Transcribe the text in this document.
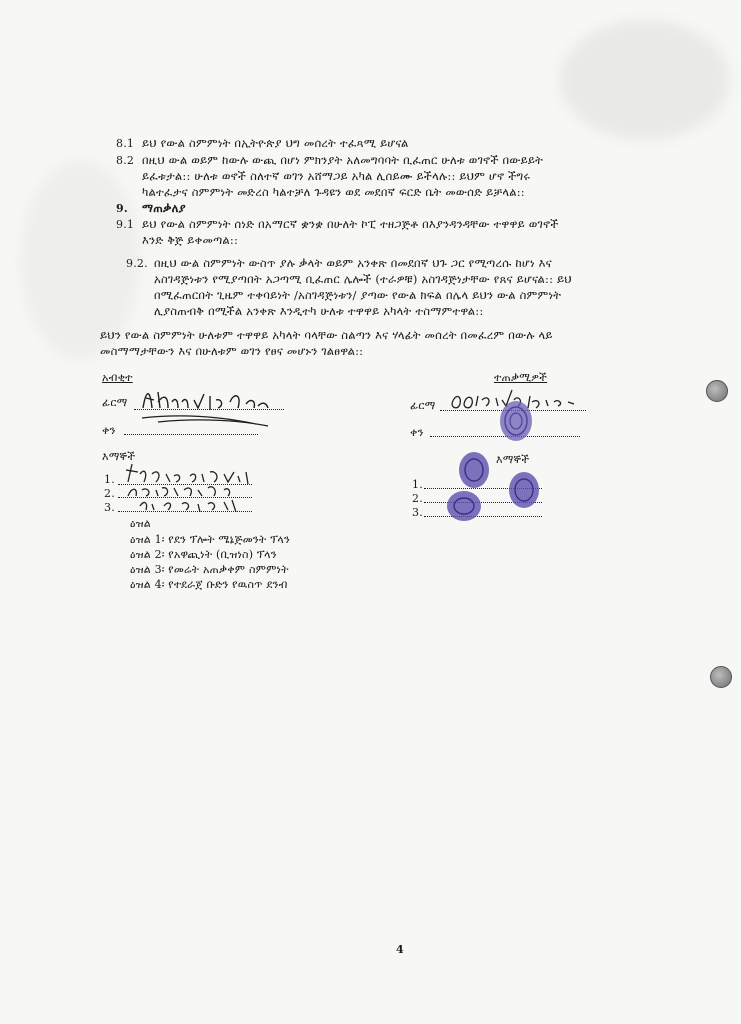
8.1 ይህ የውል ስምምነት በኢትዮጵያ ህግ መሰረት ተፈጻሚ ይሆናል
8.2 በዚህ ውል ወይም ከውሉ ውጪ በሆነ ምክንያት አለመግባባት ቢፈጠር ሁለቱ ወገኖች በውይይት
ይፈቱታል:: ሁለቱ ወኖች ስለተኛ ወገን አሸማጋይ አካል ሊሰይሙ ይችላሉ:: ይህም ሆኖ ችግሩ
ካልተፈታና ስምምነት መድረስ ካልተቻለ ጉዳዩን ወደ መደበኛ ፍርድ ቤት መውሰድ ይቻላል::
9. ማጠቃለያ
9.1 ይህ የውል ስምምነት ሰነድ በአማርኛ ቋንቋ በሁለት ኮፒ ተዘጋጅቶ በእያንዳንዳቸው ተዋዋይ ወገኖች
እንድ ቅጅ ይቀመጣል::
9.2. በዚህ ውል ስምምነት ውስጥ ያሉ ቃላት ወይም አንቀጽ በመደበኛ ህጉ ጋር የሚጣረሱ ከሆነ እና
አስገዳጅነቱን የሚያጣበት አጋጣሚ ቢፈጠር ሌሎች (ተራዎቹ) አስገዳጅነታቸው የጸና ይሆናል:: ይህ
በሚፈጠርበት ጊዜም ተቀባይነት /አስገዳጅነቱን/ ያጣው የውል ክፍል በሌላ ይህን ውል ስምምነት
ሊያስጠብቅ በሚችል አንቀጽ እንዲተካ ሁለቱ ተዋዋይ አካላት ተስማምተዋል::
ይህን የውል ስምምነት ሁለቱም ተዋዋይ አካላት ባላቸው ስልጣን እና ሃላፊት መሰረት በመፈረም በውሉ ላይ
መስማማታቸውን እና በሁለቱም ወገን የፀና መሆኑን ገልፀዋል::
አብቂተ
ፊርማ
ቀን
እማኞች
1.
2.
3.
ዕዝል
ዕዝል 1፡ የደን ፕሎት ሜኔጅመንት ፕላን
ዕዝል 2፡ የአዋጪነት (ቢዝነስ) ፕላን
ዕዝል 3፡ የመሬት አጠቃቀም ስምምነት
ዕዝል 4፡ የተደራጀ ቡድን የዉስጥ ደንብ
ተጠቃሚዎች
ፊርማ
ቀን
እማኞች
1.
2.
3.
4
